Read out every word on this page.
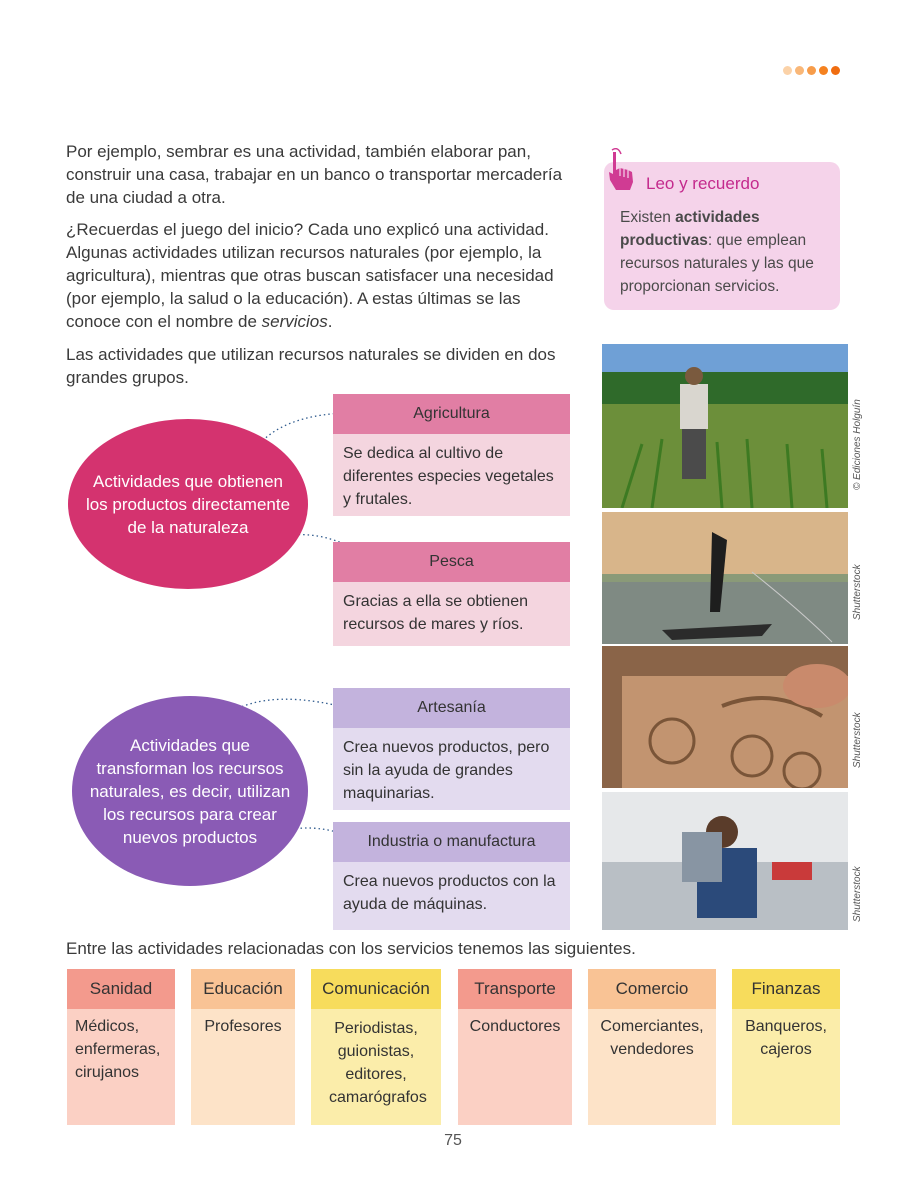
Por ejemplo, sembrar es una actividad, también elaborar pan, construir una casa, trabajar en un banco o transportar mercadería de una ciudad a otra.

¿Recuerdas el juego del inicio? Cada uno explicó una actividad. Algunas actividades utilizan recursos naturales (por ejemplo, la agricultura), mientras que otras buscan satisfacer una necesidad (por ejemplo, la salud o la educación). A estas últimas se las conoce con el nombre de servicios.

Las actividades que utilizan recursos naturales se dividen en dos grandes grupos.

Leo y recuerdo
Existen actividades productivas: que emplean recursos naturales y las que proporcionan servicios.
Actividades que obtienen los productos directamente de la naturaleza
Actividades que transforman los recursos naturales, es decir, utilizan los recursos para crear nuevos productos
Agricultura
Se dedica al cultivo de diferentes especies vegetales y frutales.
Pesca
Gracias a ella se obtienen recursos de mares y ríos.
Artesanía
Crea nuevos productos, pero sin la ayuda de grandes maquinarias.
Industria o manufactura
Crea nuevos productos con la ayuda de máquinas.
© Ediciones Holguín
Shutterstock
Shutterstock
Shutterstock

Entre las actividades relacionadas con los servicios tenemos las siguientes.

Sanidad
Médicos, enfermeras, cirujanos
Educación
Profesores
Comunicación
Periodistas, guionistas, editores, camarógrafos
Transporte
Conductores
Comercio
Comerciantes, vendedores
Finanzas
Banqueros, cajeros
75
